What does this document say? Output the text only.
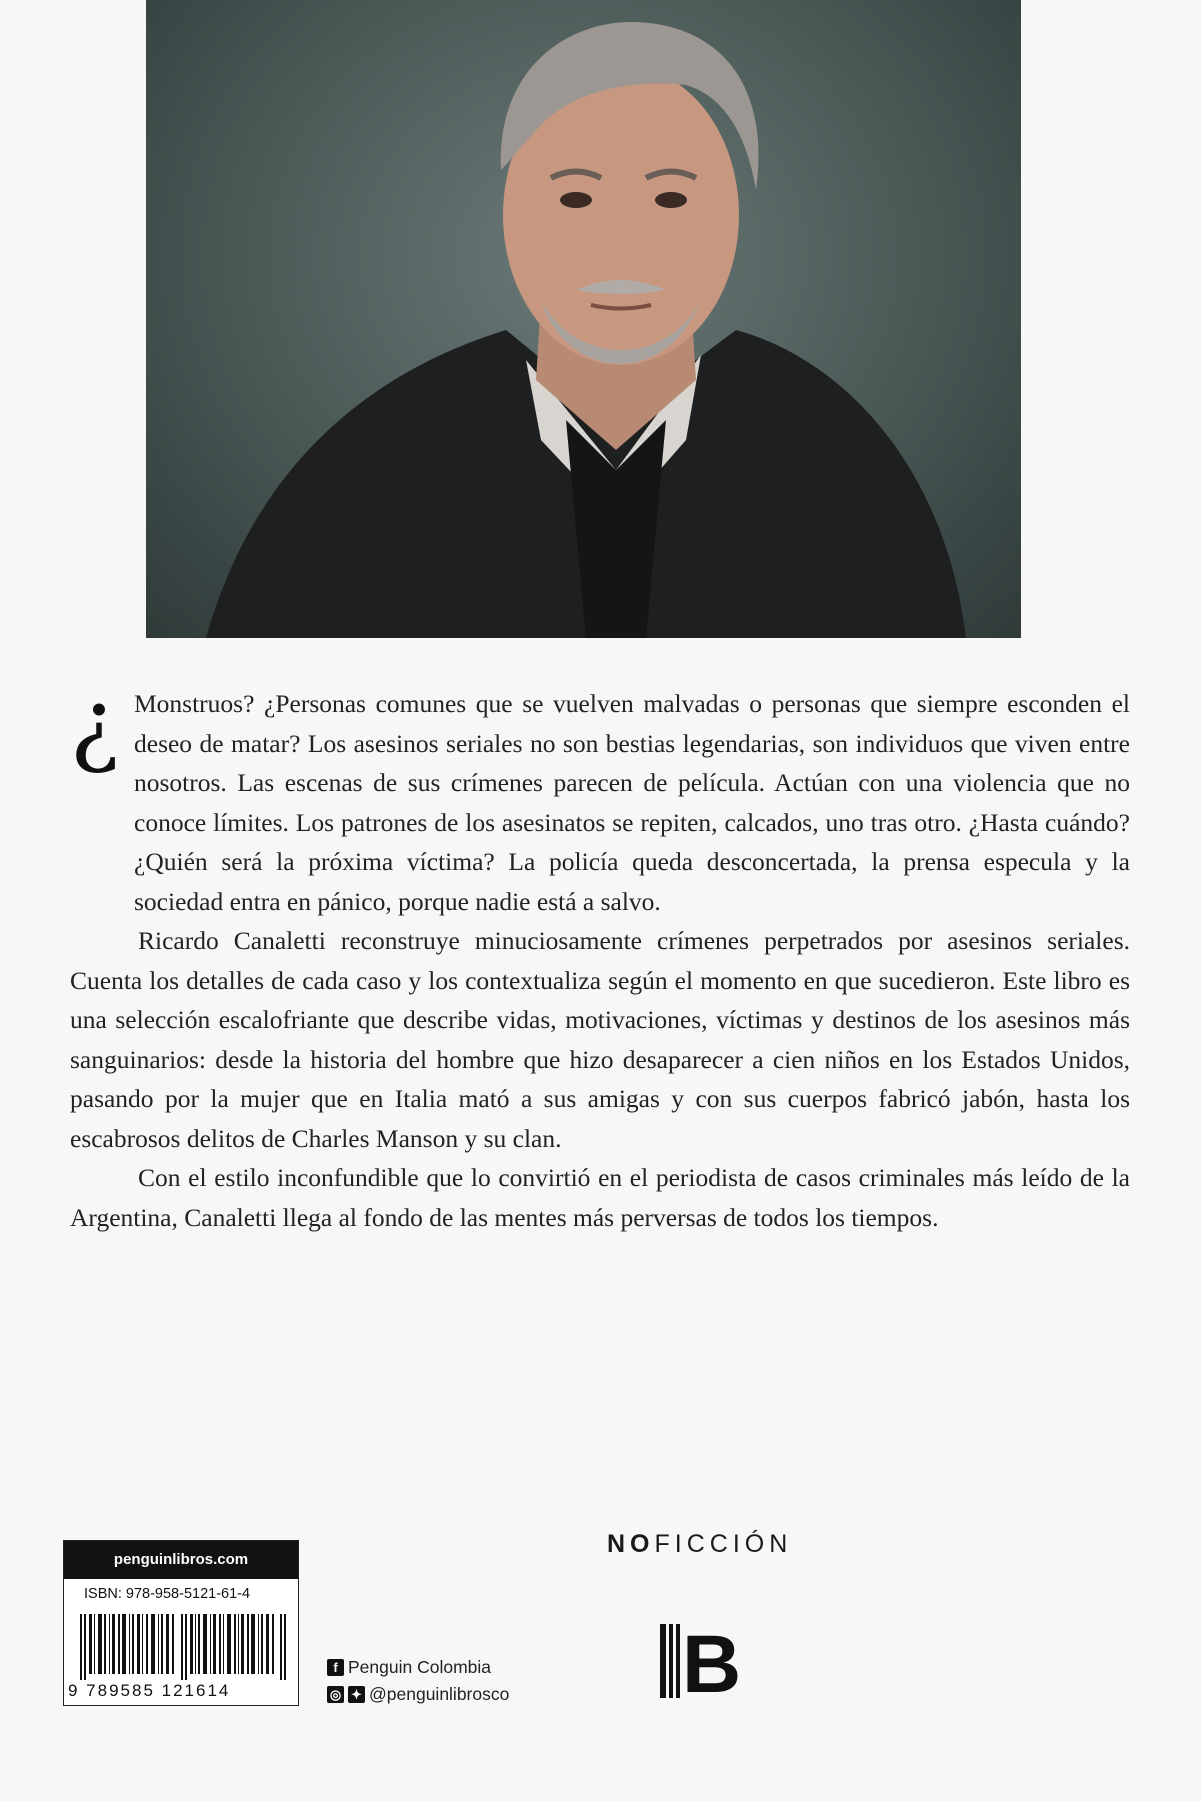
¿ Monstruos? ¿Personas comunes que se vuelven malvadas o personas que siempre esconden el deseo de matar? Los asesinos seriales no son bestias legendarias, son individuos que viven entre nosotros. Las escenas de sus crímenes parecen de película. Actúan con una violencia que no conoce límites. Los patrones de los asesinatos se repiten, calcados, uno tras otro. ¿Hasta cuándo? ¿Quién será la próxima víctima? La policía queda desconcertada, la prensa especula y la sociedad entra en pánico, porque nadie está a salvo.

Ricardo Canaletti reconstruye minuciosamente crímenes perpetrados por asesinos seriales. Cuenta los detalles de cada caso y los contextualiza según el momento en que sucedieron. Este libro es una selección escalofriante que describe vidas, motivaciones, víctimas y destinos de los asesinos más sanguinarios: desde la historia del hombre que hizo desaparecer a cien niños en los Estados Unidos, pasando por la mujer que en Italia mató a sus amigas y con sus cuerpos fabricó jabón, hasta los escabrosos delitos de Charles Manson y su clan.

Con el estilo inconfundible que lo convirtió en el periodista de casos criminales más leído de la Argentina, Canaletti llega al fondo de las mentes más perversas de todos los tiempos.

penguinlibros.com
ISBN: 978-958-5121-61-4
9 789585 121614
f Penguin Colombia
◎ ✦ @penguinlibrosco
NOFICCIÓN
B
